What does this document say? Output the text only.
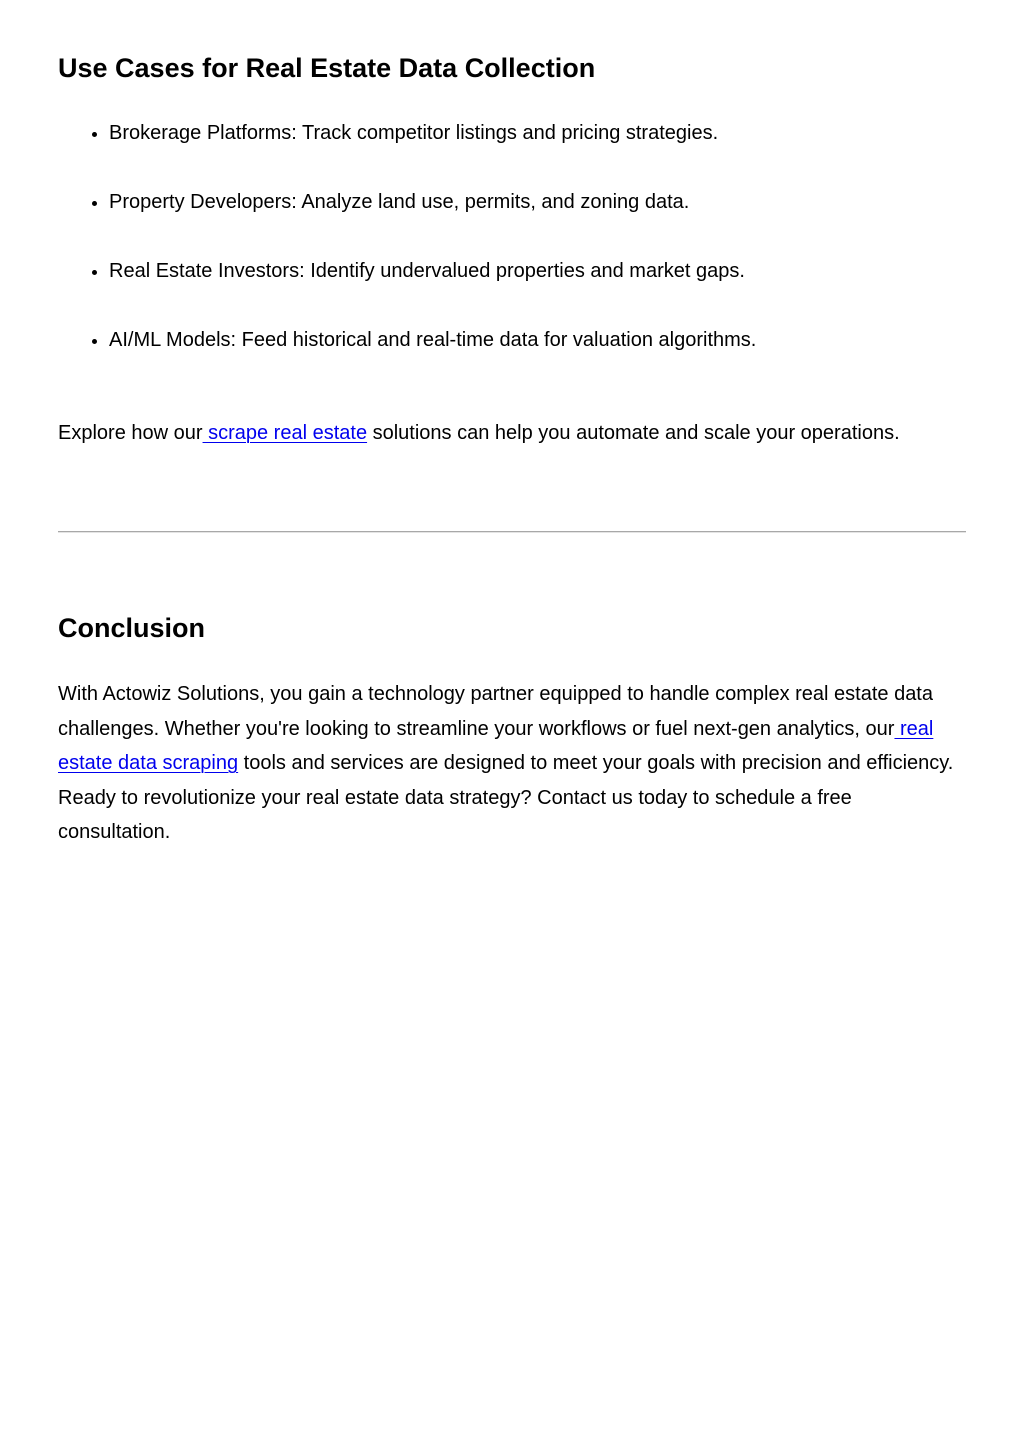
Use Cases for Real Estate Data Collection
• Brokerage Platforms: Track competitor listings and pricing strategies.
• Property Developers: Analyze land use, permits, and zoning data.
• Real Estate Investors: Identify undervalued properties and market gaps.
• AI/ML Models: Feed historical and real-time data for valuation algorithms.

Explore how our scrape real estate solutions can help you automate and scale your operations.

Conclusion

With Actowiz Solutions, you gain a technology partner equipped to handle complex real estate data challenges. Whether you're looking to streamline your workflows or fuel next-gen analytics, our real estate data scraping tools and services are designed to meet your goals with precision and efficiency.

Ready to revolutionize your real estate data strategy? Contact us today to schedule a free consultation.
